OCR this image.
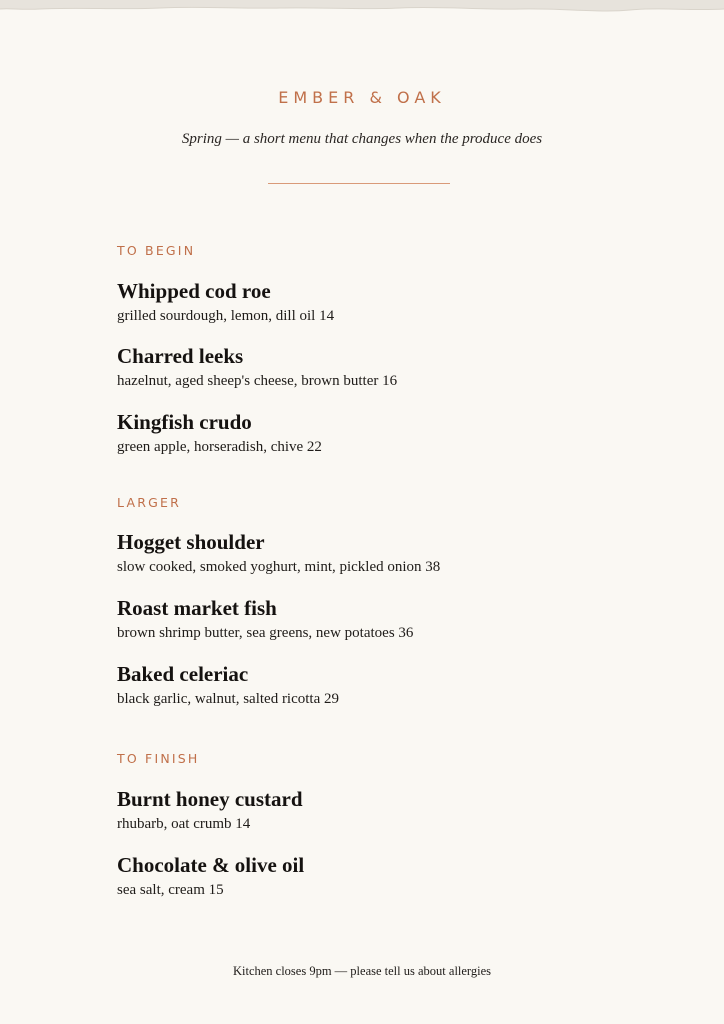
EMBER & OAK
Spring — a short menu that changes when the produce does
TO BEGIN
Whipped cod roe
grilled sourdough, lemon, dill oil 14
Charred leeks
hazelnut, aged sheep's cheese, brown butter 16
Kingfish crudo
green apple, horseradish, chive 22
LARGER
Hogget shoulder
slow cooked, smoked yoghurt, mint, pickled onion 38
Roast market fish
brown shrimp butter, sea greens, new potatoes 36
Baked celeriac
black garlic, walnut, salted ricotta 29
TO FINISH
Burnt honey custard
rhubarb, oat crumb 14
Chocolate & olive oil
sea salt, cream 15
Kitchen closes 9pm — please tell us about allergies
